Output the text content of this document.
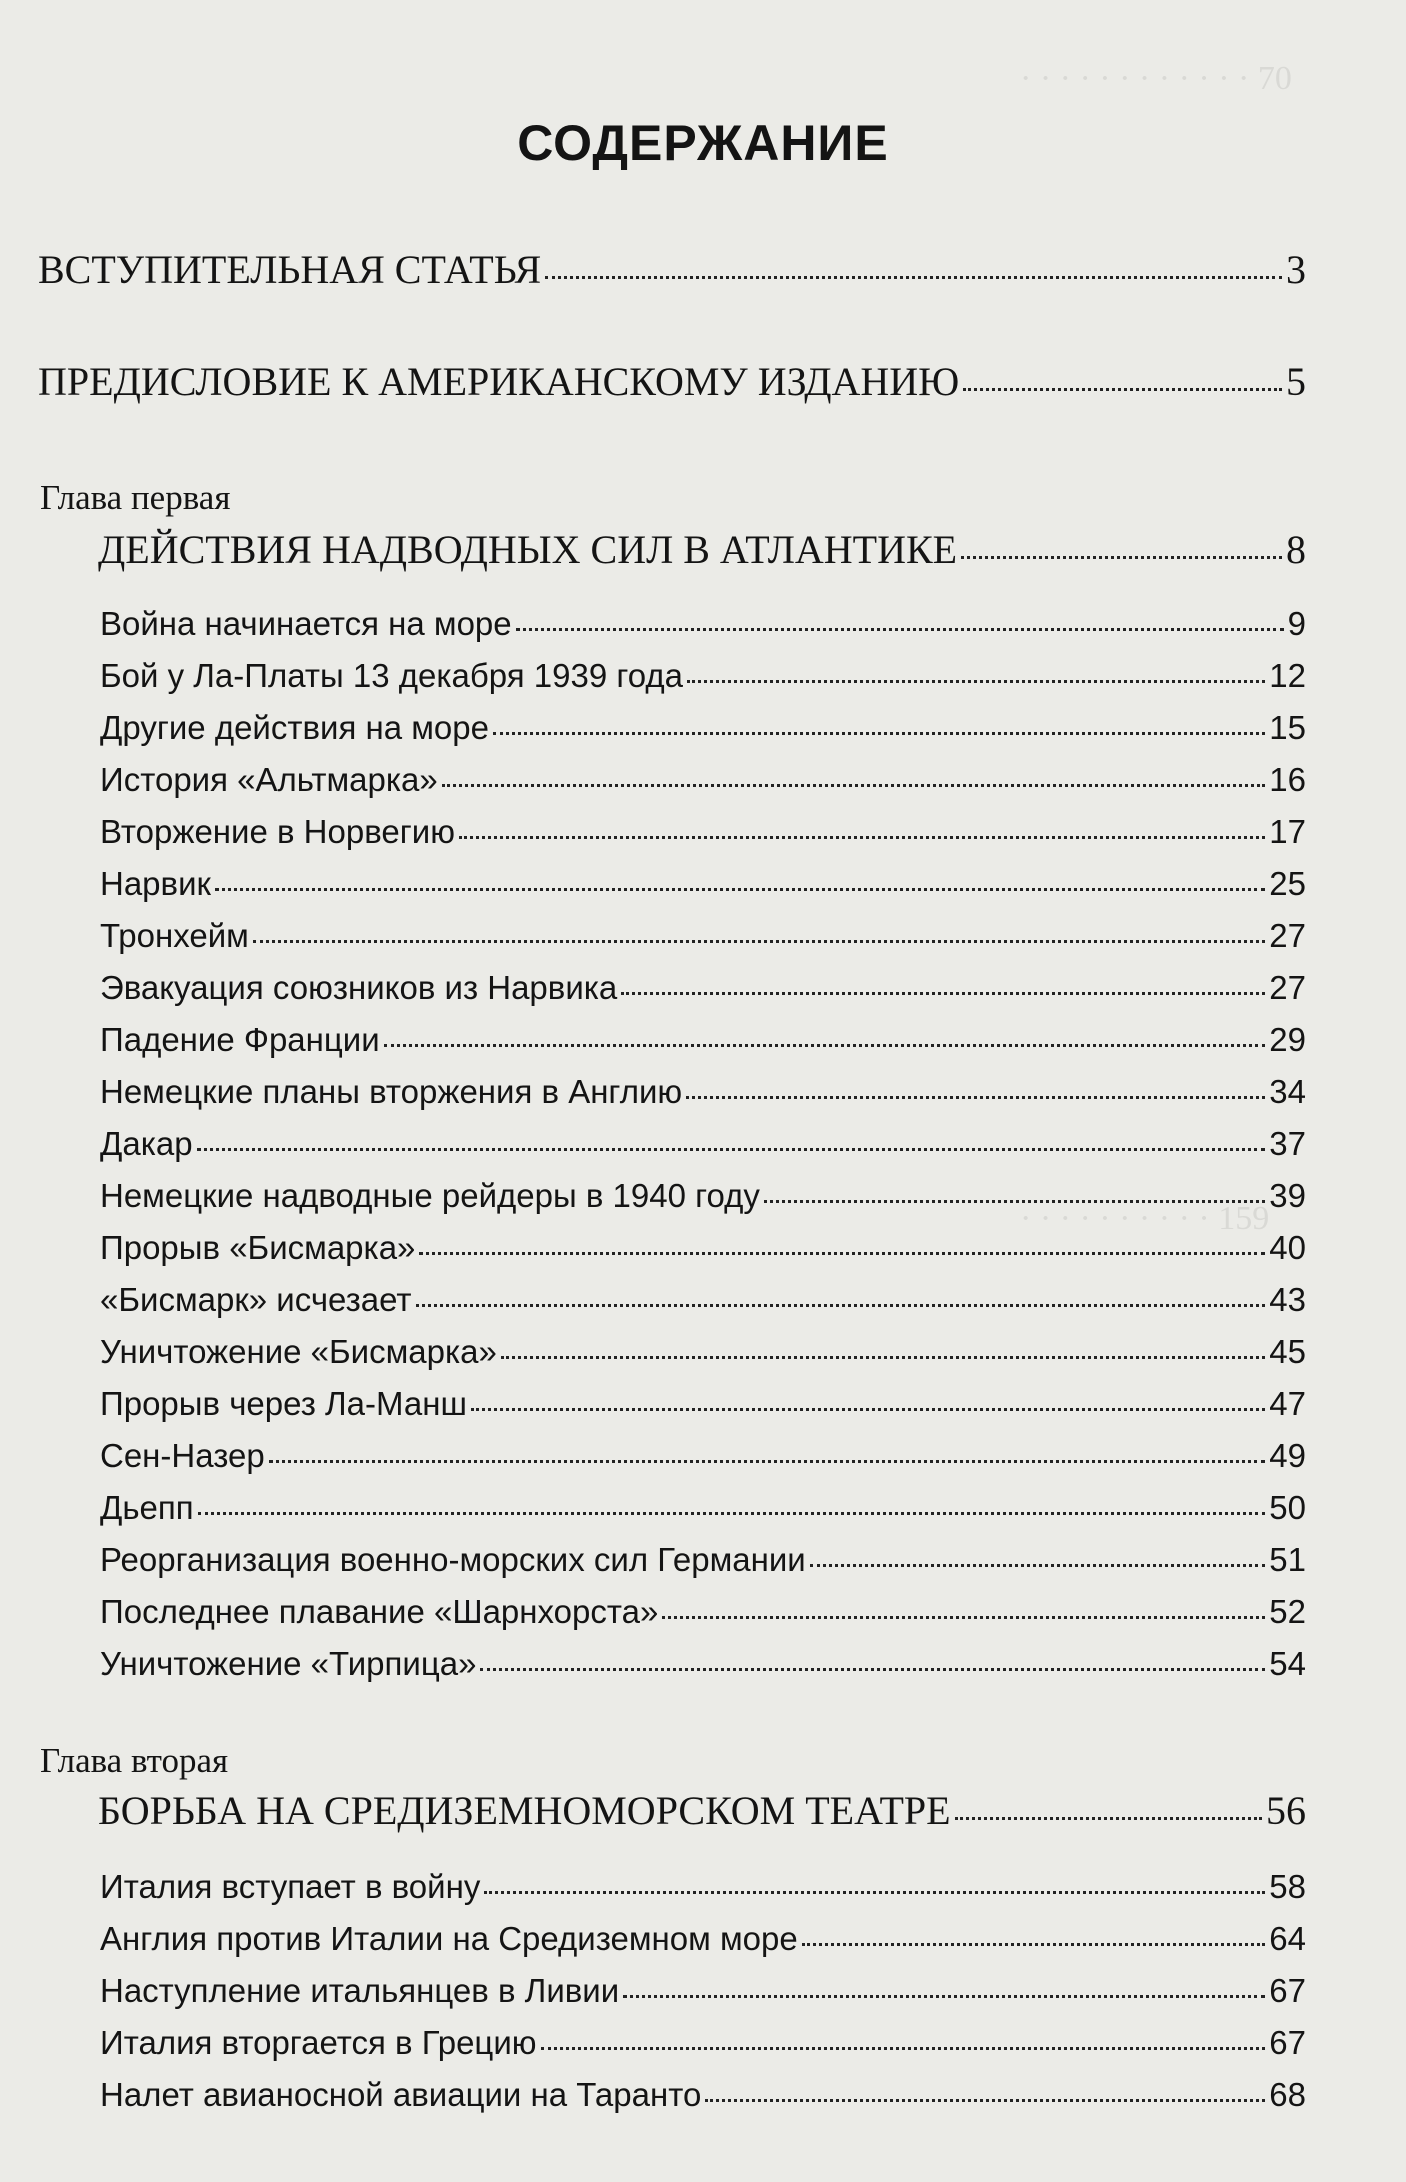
· · · · · · · · · · · · 70
· · · · · · · · · · 159
СОДЕРЖАНИЕ
ВСТУПИТЕЛЬНАЯ СТАТЬЯ	3
ПРЕДИСЛОВИЕ К АМЕРИКАНСКОМУ ИЗДАНИЮ	5
Глава первая
ДЕЙСТВИЯ НАДВОДНЫХ СИЛ В АТЛАНТИКЕ	8
Война начинается на море	9
Бой у Ла-Платы 13 декабря 1939 года	12
Другие действия на море	15
История «Альтмарка»	16
Вторжение в Норвегию	17
Нарвик	25
Тронхейм	27
Эвакуация союзников из Нарвика	27
Падение Франции	29
Немецкие планы вторжения в Англию	34
Дакар	37
Немецкие надводные рейдеры в 1940 году	39
Прорыв «Бисмарка»	40
«Бисмарк» исчезает	43
Уничтожение «Бисмарка»	45
Прорыв через Ла-Манш	47
Сен-Назер	49
Дьепп	50
Реорганизация военно-морских сил Германии	51
Последнее плавание «Шарнхорста»	52
Уничтожение «Тирпица»	54
Глава вторая
БОРЬБА НА СРЕДИЗЕМНОМОРСКОМ ТЕАТРЕ	56
Италия вступает в войну	58
Англия против Италии на Средиземном море	64
Наступление итальянцев в Ливии	67
Италия вторгается в Грецию	67
Налет авианосной авиации на Таранто	68
